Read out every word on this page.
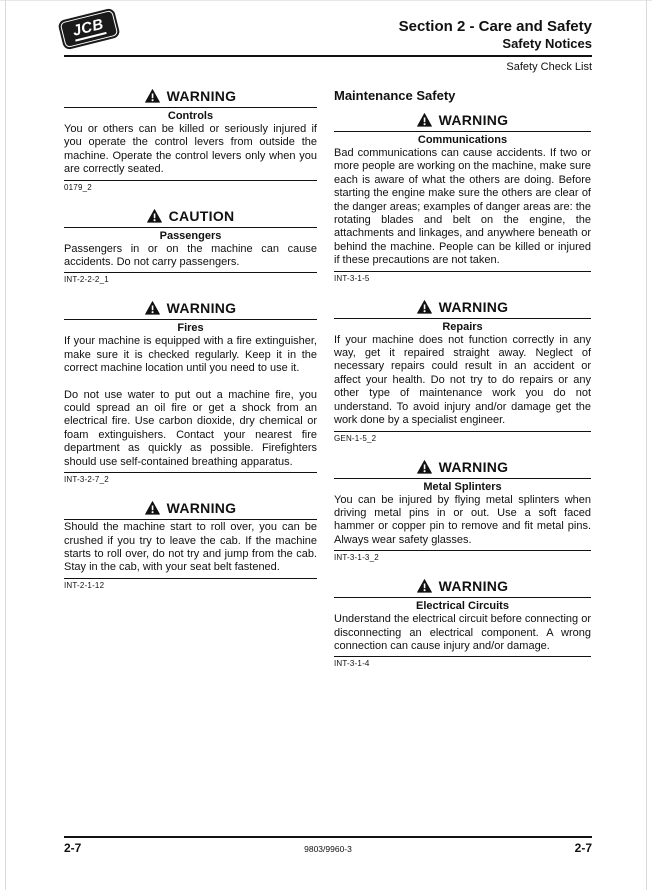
JCB	Section 2 - Care and Safety
Safety Notices
Safety Check List
WARNING
Controls

You or others can be killed or seriously injured if you operate the control levers from outside the machine. Operate the control levers only when you are correctly seated.

0179_2
CAUTION
Passengers

Passengers in or on the machine can cause accidents. Do not carry passengers.

INT-2-2-2_1
WARNING
Fires

If your machine is equipped with a fire extinguisher, make sure it is checked regularly. Keep it in the correct machine location until you need to use it.

Do not use water to put out a machine fire, you could spread an oil fire or get a shock from an electrical fire. Use carbon dioxide, dry chemical or foam extinguishers. Contact your nearest fire department as quickly as possible. Firefighters should use self-contained breathing apparatus.

INT-3-2-7_2
WARNING

Should the machine start to roll over, you can be crushed if you try to leave the cab. If the machine starts to roll over, do not try and jump from the cab. Stay in the cab, with your seat belt fastened.

INT-2-1-12
Maintenance Safety
WARNING
Communications

Bad communications can cause accidents. If two or more people are working on the machine, make sure each is aware of what the others are doing. Before starting the engine make sure the others are clear of the danger areas; examples of danger areas are: the rotating blades and belt on the engine, the attachments and linkages, and anywhere beneath or behind the machine. People can be killed or injured if these precautions are not taken.

INT-3-1-5
WARNING
Repairs

If your machine does not function correctly in any way, get it repaired straight away. Neglect of necessary repairs could result in an accident or affect your health. Do not try to do repairs or any other type of maintenance work you do not understand. To avoid injury and/or damage get the work done by a specialist engineer.

GEN-1-5_2
WARNING
Metal Splinters

You can be injured by flying metal splinters when driving metal pins in or out. Use a soft faced hammer or copper pin to remove and fit metal pins. Always wear safety glasses.

INT-3-1-3_2
WARNING
Electrical Circuits

Understand the electrical circuit before connecting or disconnecting an electrical component. A wrong connection can cause injury and/or damage.

INT-3-1-4
2-7	9803/9960-3	2-7
